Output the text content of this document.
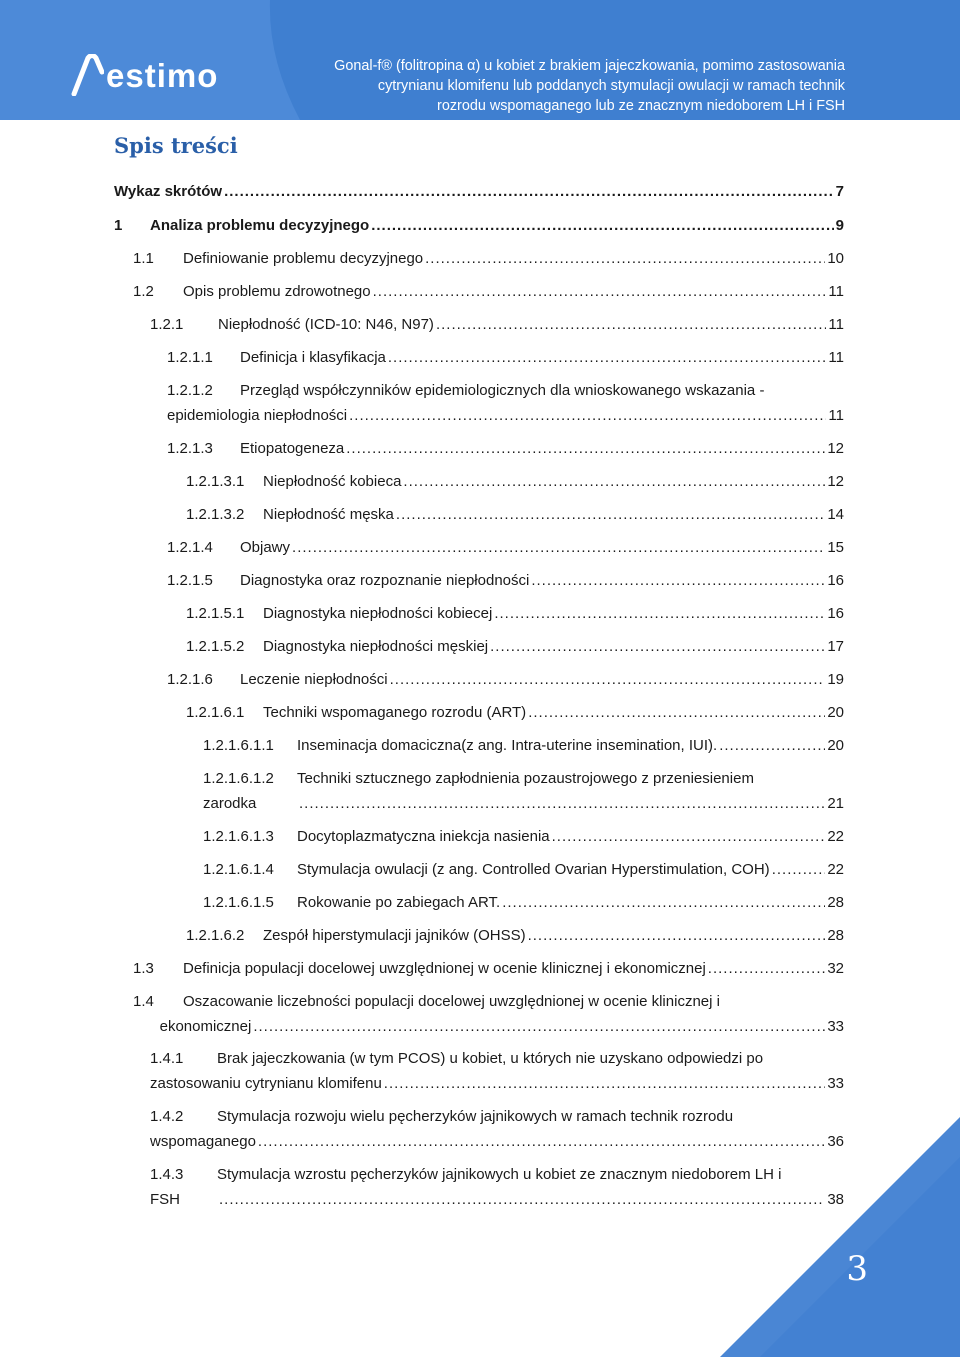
estimo	Gonal-f® (folitropina α) u kobiet z brakiem jajeczkowania, pomimo zastosowania
cytrynianu klomifenu lub poddanych stymulacji owulacji w ramach technik
rozrodu wspomaganego lub ze znacznym niedoborem LH i FSH
Spis treści
Wykaz skrótów .....	7
1	Analiza problemu decyzyjnego .....	9
1.1	Definiowanie problemu decyzyjnego .....	10
1.2	Opis problemu zdrowotnego .....	11
1.2.1	Niepłodność (ICD-10: N46, N97) .....	11
1.2.1.1	Definicja i klasyfikacja .....	11
1.2.1.2	Przegląd współczynników epidemiologicznych dla wnioskowanego wskazania -
epidemiologia niepłodności .....	11
1.2.1.3	Etiopatogeneza .....	12
1.2.1.3.1	Niepłodność kobieca .....	12
1.2.1.3.2	Niepłodność męska .....	14
1.2.1.4	Objawy .....	15
1.2.1.5	Diagnostyka oraz rozpoznanie niepłodności .....	16
1.2.1.5.1	Diagnostyka niepłodności kobiecej .....	16
1.2.1.5.2	Diagnostyka niepłodności męskiej .....	17
1.2.1.6	Leczenie niepłodności .....	19
1.2.1.6.1	Techniki wspomaganego rozrodu (ART) .....	20
1.2.1.6.1.1	Inseminacja domaciczna(z ang. Intra-uterine insemination, IUI). .....	20
1.2.1.6.1.2	Techniki sztucznego zapłodnienia pozaustrojowego z przeniesieniem
zarodka .....	21
1.2.1.6.1.3	Docytoplazmatyczna iniekcja nasienia .....	22
1.2.1.6.1.4	Stymulacja owulacji (z ang. Controlled Ovarian Hyperstimulation, COH) .....	22
1.2.1.6.1.5	Rokowanie po zabiegach ART. .....	28
1.2.1.6.2	Zespół hiperstymulacji jajników (OHSS) .....	28
1.3	Definicja populacji docelowej uwzględnionej w ocenie klinicznej i ekonomicznej .....	32
1.4	Oszacowanie liczebności populacji docelowej uwzględnionej w ocenie klinicznej i
ekonomicznej .....	33
1.4.1	Brak jajeczkowania (w tym PCOS) u kobiet, u których nie uzyskano odpowiedzi po
zastosowaniu cytrynianu klomifenu .....	33
1.4.2	Stymulacja rozwoju wielu pęcherzyków jajnikowych w ramach technik rozrodu
wspomaganego .....	36
1.4.3	Stymulacja wzrostu pęcherzyków jajnikowych u kobiet ze znacznym niedoborem LH i
FSH .....	38
3
